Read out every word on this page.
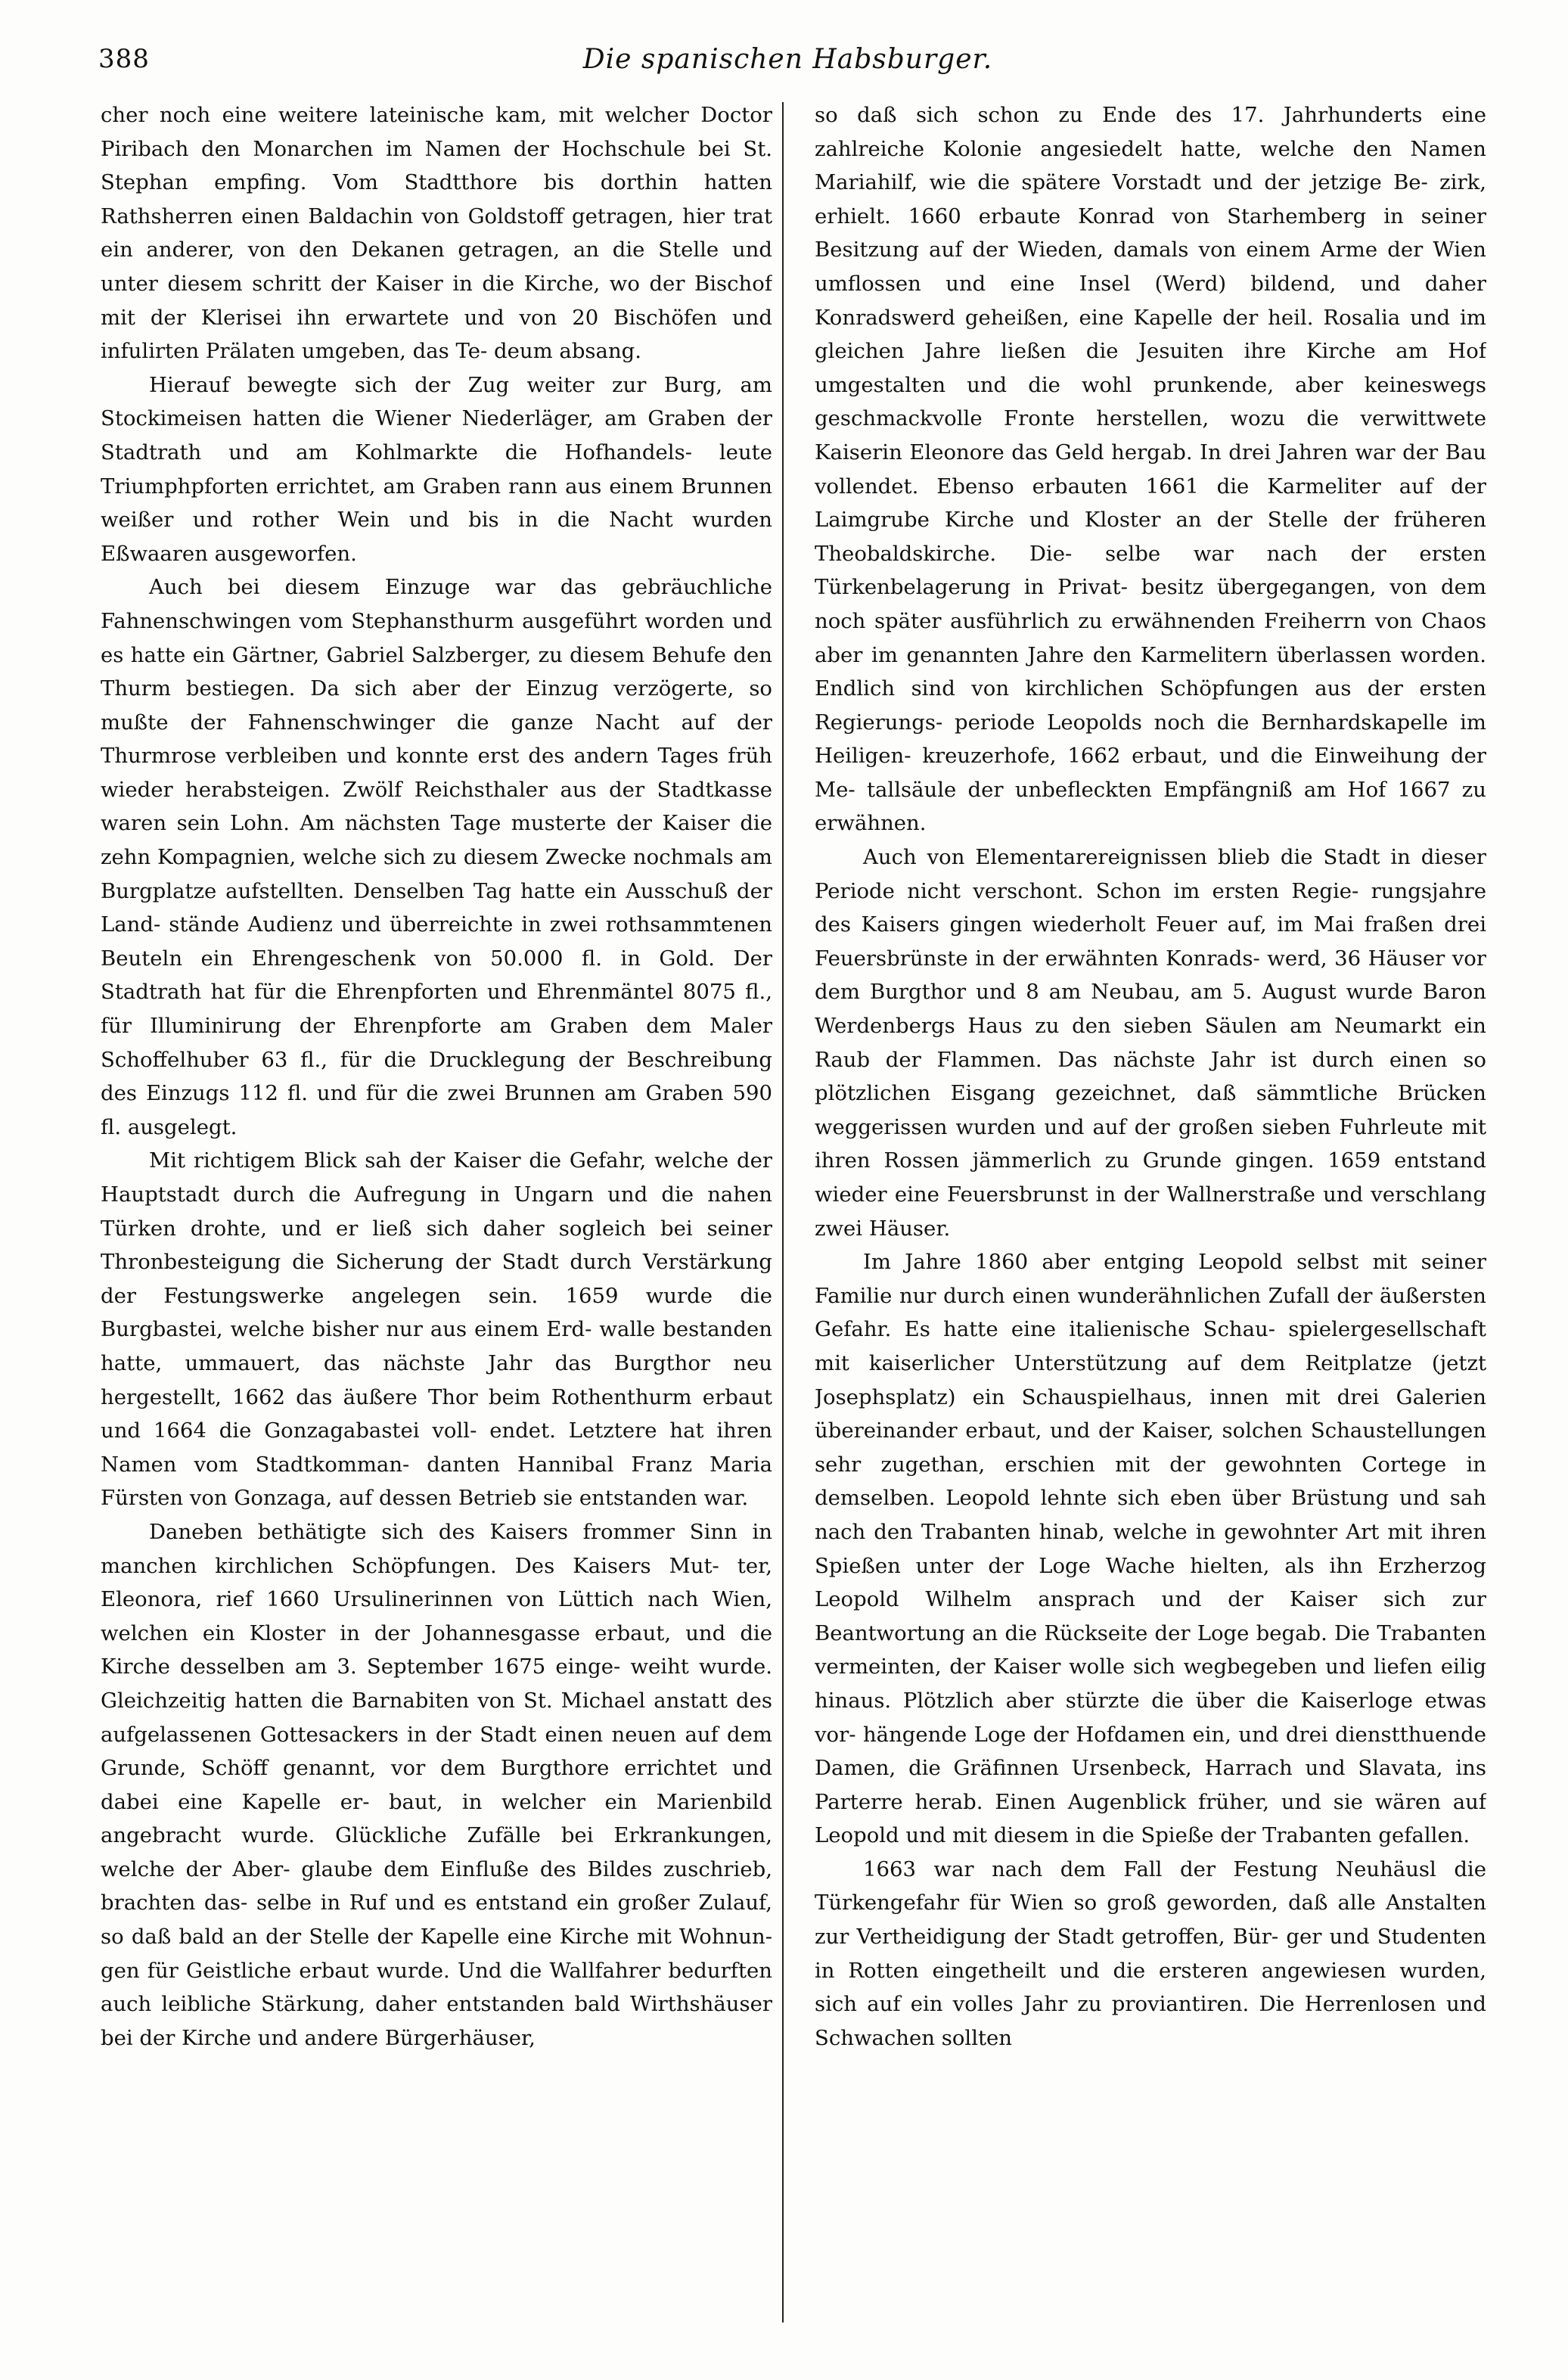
388	Die spanischen Habsburger.

cher noch eine weitere lateinische kam, mit welcher Doctor Piribach den Monarchen im Namen der Hochschule bei St. Stephan empfing. Vom Stadtthore bis dorthin hatten Rathsherren einen Baldachin von Goldstoff getragen, hier trat ein anderer, von den Dekanen getragen, an die Stelle und unter diesem schritt der Kaiser in die Kirche, wo der Bischof mit der Klerisei ihn erwartete und von 20 Bischöfen und infulirten Prälaten umgeben, das Te- deum absang.

Hierauf bewegte sich der Zug weiter zur Burg, am Stockimeisen hatten die Wiener Niederläger, am Graben der Stadtrath und am Kohlmarkte die Hofhandels- leute Triumphpforten errichtet, am Graben rann aus einem Brunnen weißer und rother Wein und bis in die Nacht wurden Eßwaaren ausgeworfen.

Auch bei diesem Einzuge war das gebräuchliche Fahnenschwingen vom Stephansthurm ausgeführt worden und es hatte ein Gärtner, Gabriel Salzberger, zu diesem Behufe den Thurm bestiegen. Da sich aber der Einzug verzögerte, so mußte der Fahnenschwinger die ganze Nacht auf der Thurmrose verbleiben und konnte erst des andern Tages früh wieder herabsteigen. Zwölf Reichsthaler aus der Stadtkasse waren sein Lohn. Am nächsten Tage musterte der Kaiser die zehn Kompagnien, welche sich zu diesem Zwecke nochmals am Burgplatze aufstellten. Denselben Tag hatte ein Ausschuß der Land- stände Audienz und überreichte in zwei rothsammtenen Beuteln ein Ehrengeschenk von 50.000 fl. in Gold. Der Stadtrath hat für die Ehrenpforten und Ehrenmäntel 8075 fl., für Illuminirung der Ehrenpforte am Graben dem Maler Schoffelhuber 63 fl., für die Drucklegung der Beschreibung des Einzugs 112 fl. und für die zwei Brunnen am Graben 590 fl. ausgelegt.

Mit richtigem Blick sah der Kaiser die Gefahr, welche der Hauptstadt durch die Aufregung in Ungarn und die nahen Türken drohte, und er ließ sich daher sogleich bei seiner Thronbesteigung die Sicherung der Stadt durch Verstärkung der Festungswerke angelegen sein. 1659 wurde die Burgbastei, welche bisher nur aus einem Erd- walle bestanden hatte, ummauert, das nächste Jahr das Burgthor neu hergestellt, 1662 das äußere Thor beim Rothenthurm erbaut und 1664 die Gonzagabastei voll- endet. Letztere hat ihren Namen vom Stadtkomman- danten Hannibal Franz Maria Fürsten von Gonzaga, auf dessen Betrieb sie entstanden war.

Daneben bethätigte sich des Kaisers frommer Sinn in manchen kirchlichen Schöpfungen. Des Kaisers Mut- ter, Eleonora, rief 1660 Ursulinerinnen von Lüttich nach Wien, welchen ein Kloster in der Johannesgasse erbaut, und die Kirche desselben am 3. September 1675 einge- weiht wurde. Gleichzeitig hatten die Barnabiten von St. Michael anstatt des aufgelassenen Gottesackers in der Stadt einen neuen auf dem Grunde, Schöff genannt, vor dem Burgthore errichtet und dabei eine Kapelle er- baut, in welcher ein Marienbild angebracht wurde. Glückliche Zufälle bei Erkrankungen, welche der Aber- glaube dem Einfluße des Bildes zuschrieb, brachten das- selbe in Ruf und es entstand ein großer Zulauf, so daß bald an der Stelle der Kapelle eine Kirche mit Wohnun- gen für Geistliche erbaut wurde. Und die Wallfahrer bedurften auch leibliche Stärkung, daher entstanden bald Wirthshäuser bei der Kirche und andere Bürgerhäuser,

so daß sich schon zu Ende des 17. Jahrhunderts eine zahlreiche Kolonie angesiedelt hatte, welche den Namen Mariahilf, wie die spätere Vorstadt und der jetzige Be- zirk, erhielt. 1660 erbaute Konrad von Starhemberg in seiner Besitzung auf der Wieden, damals von einem Arme der Wien umflossen und eine Insel (Werd) bildend, und daher Konradswerd geheißen, eine Kapelle der heil. Rosalia und im gleichen Jahre ließen die Jesuiten ihre Kirche am Hof umgestalten und die wohl prunkende, aber keineswegs geschmackvolle Fronte herstellen, wozu die verwittwete Kaiserin Eleonore das Geld hergab. In drei Jahren war der Bau vollendet. Ebenso erbauten 1661 die Karmeliter auf der Laimgrube Kirche und Kloster an der Stelle der früheren Theobaldskirche. Die- selbe war nach der ersten Türkenbelagerung in Privat- besitz übergegangen, von dem noch später ausführlich zu erwähnenden Freiherrn von Chaos aber im genannten Jahre den Karmelitern überlassen worden. Endlich sind von kirchlichen Schöpfungen aus der ersten Regierungs- periode Leopolds noch die Bernhardskapelle im Heiligen- kreuzerhofe, 1662 erbaut, und die Einweihung der Me- tallsäule der unbefleckten Empfängniß am Hof 1667 zu erwähnen.

Auch von Elementarereignissen blieb die Stadt in dieser Periode nicht verschont. Schon im ersten Regie- rungsjahre des Kaisers gingen wiederholt Feuer auf, im Mai fraßen drei Feuersbrünste in der erwähnten Konrads- werd, 36 Häuser vor dem Burgthor und 8 am Neubau, am 5. August wurde Baron Werdenbergs Haus zu den sieben Säulen am Neumarkt ein Raub der Flammen. Das nächste Jahr ist durch einen so plötzlichen Eisgang gezeichnet, daß sämmtliche Brücken weggerissen wurden und auf der großen sieben Fuhrleute mit ihren Rossen jämmerlich zu Grunde gingen. 1659 entstand wieder eine Feuersbrunst in der Wallnerstraße und verschlang zwei Häuser.

Im Jahre 1860 aber entging Leopold selbst mit seiner Familie nur durch einen wunderähnlichen Zufall der äußersten Gefahr. Es hatte eine italienische Schau- spielergesellschaft mit kaiserlicher Unterstützung auf dem Reitplatze (jetzt Josephsplatz) ein Schauspielhaus, innen mit drei Galerien übereinander erbaut, und der Kaiser, solchen Schaustellungen sehr zugethan, erschien mit der gewohnten Cortege in demselben. Leopold lehnte sich eben über Brüstung und sah nach den Trabanten hinab, welche in gewohnter Art mit ihren Spießen unter der Loge Wache hielten, als ihn Erzherzog Leopold Wilhelm ansprach und der Kaiser sich zur Beantwortung an die Rückseite der Loge begab. Die Trabanten vermeinten, der Kaiser wolle sich wegbegeben und liefen eilig hinaus. Plötzlich aber stürzte die über die Kaiserloge etwas vor- hängende Loge der Hofdamen ein, und drei dienstthuende Damen, die Gräfinnen Ursenbeck, Harrach und Slavata, ins Parterre herab. Einen Augenblick früher, und sie wären auf Leopold und mit diesem in die Spieße der Trabanten gefallen.

1663 war nach dem Fall der Festung Neuhäusl die Türkengefahr für Wien so groß geworden, daß alle Anstalten zur Vertheidigung der Stadt getroffen, Bür- ger und Studenten in Rotten eingetheilt und die ersteren angewiesen wurden, sich auf ein volles Jahr zu proviantiren. Die Herrenlosen und Schwachen sollten
